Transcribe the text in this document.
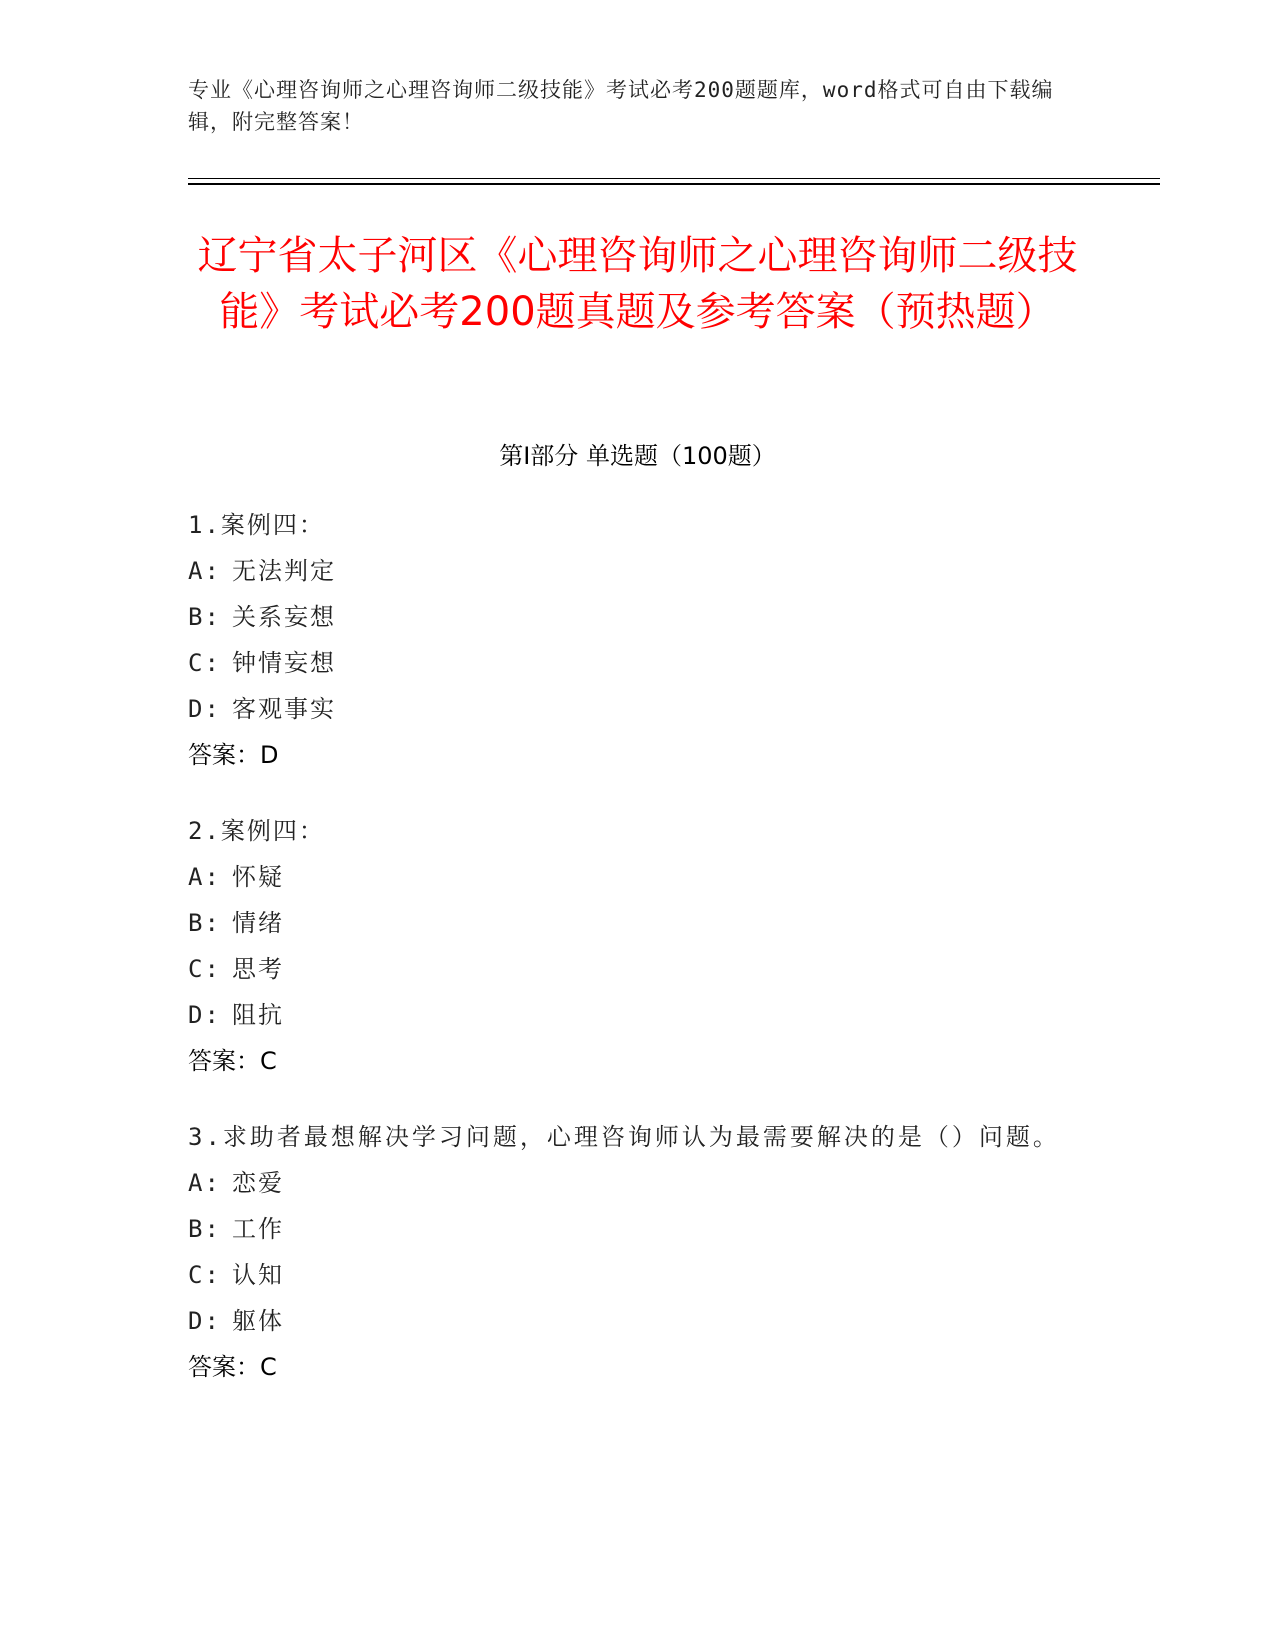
专业《心理咨询师之心理咨询师二级技能》考试必考200题题库，word格式可自由下载编辑，附完整答案！
辽宁省太子河区《心理咨询师之心理咨询师二级技能》考试必考200题真题及参考答案（预热题）
第I部分 单选题（100题）
1.案例四：
A: 无法判定
B: 关系妄想
C: 钟情妄想
D: 客观事实
答案：D
2.案例四：
A: 怀疑
B: 情绪
C: 思考
D: 阻抗
答案：C
3.求助者最想解决学习问题，心理咨询师认为最需要解决的是（）问题。
A: 恋爱
B: 工作
C: 认知
D: 躯体
答案：C
